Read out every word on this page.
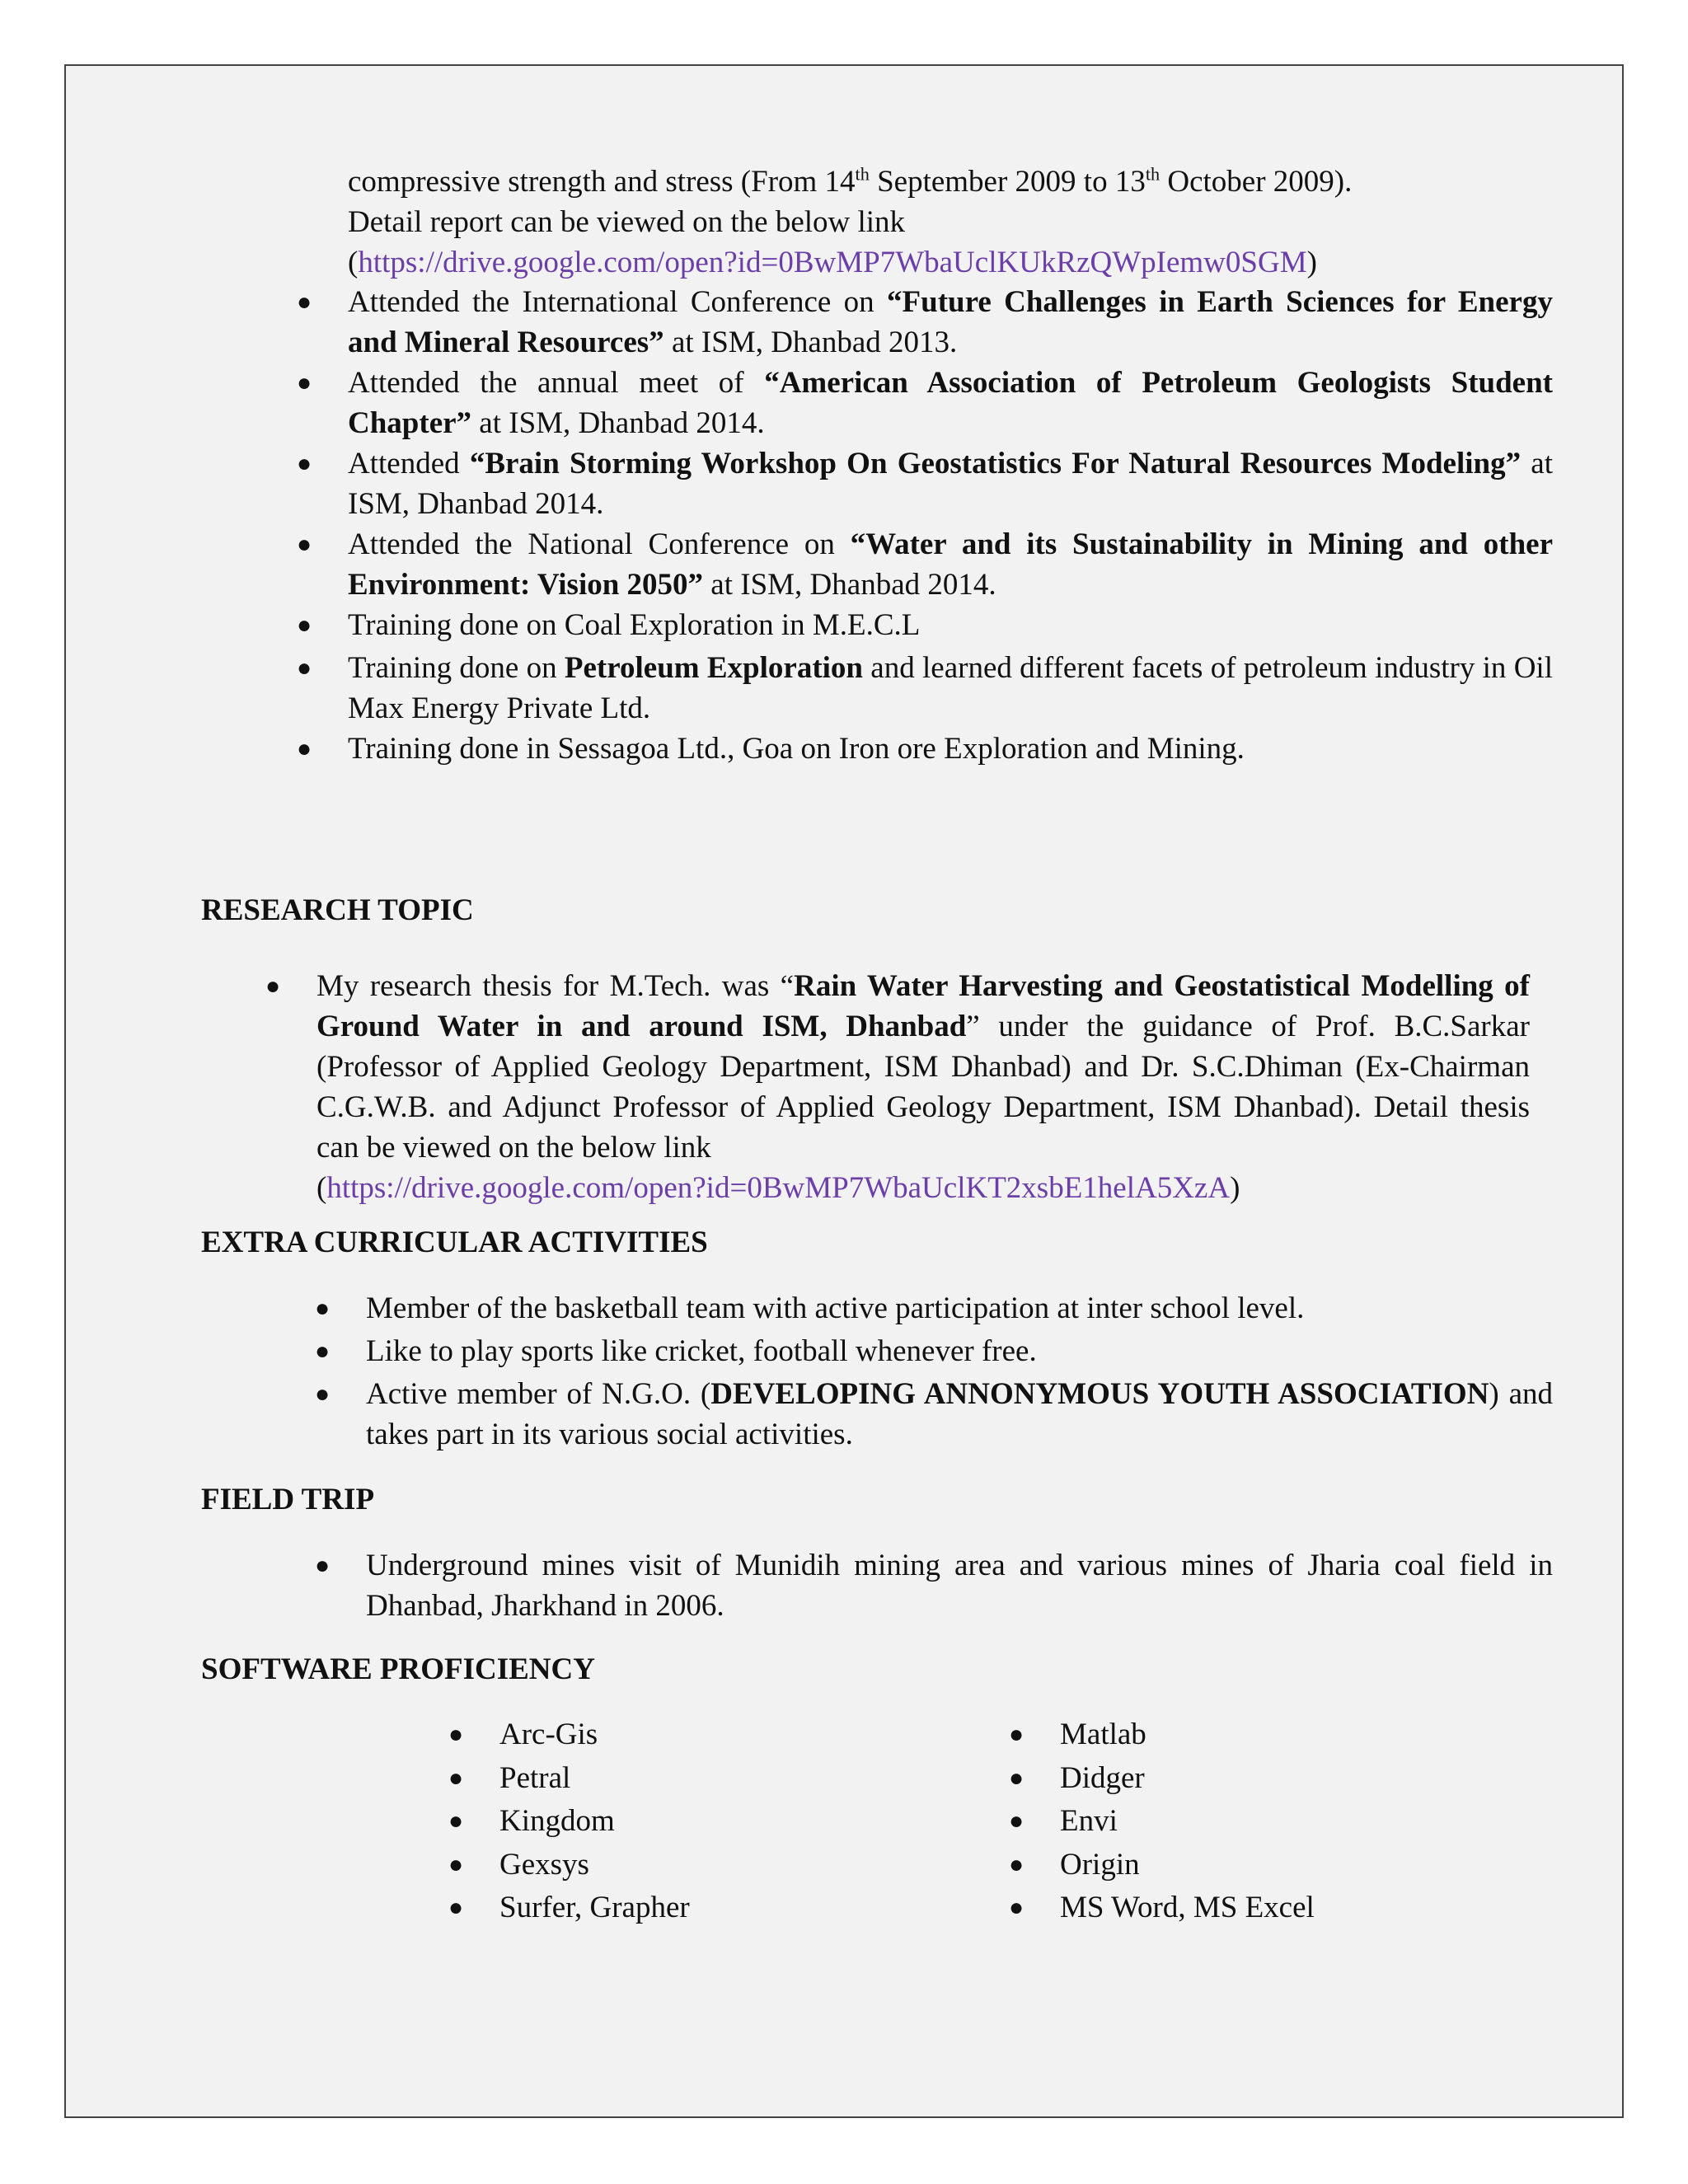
compressive strength and stress (From 14th September 2009 to 13th October 2009).
Detail report can be viewed on the below link
(https://drive.google.com/open?id=0BwMP7WbaUclKUkRzQWpIemw0SGM)
● Attended the International Conference on “Future Challenges in Earth Sciences for Energy and Mineral Resources” at ISM, Dhanbad 2013.
● Attended the annual meet of “American Association of Petroleum Geologists Student Chapter” at ISM, Dhanbad 2014.
● Attended “Brain Storming Workshop On Geostatistics For Natural Resources Modeling” at ISM, Dhanbad 2014.
● Attended the National Conference on “Water and its Sustainability in Mining and other Environment: Vision 2050” at ISM, Dhanbad 2014.
● Training done on Coal Exploration in M.E.C.L
● Training done on Petroleum Exploration and learned different facets of petroleum industry in Oil Max Energy Private Ltd.
● Training done in Sessagoa Ltd., Goa on Iron ore Exploration and Mining.
RESEARCH TOPIC
● My research thesis for M.Tech. was “Rain Water Harvesting and Geostatistical Modelling of Ground Water in and around ISM, Dhanbad” under the guidance of Prof. B.C.Sarkar (Professor of Applied Geology Department, ISM Dhanbad) and Dr. S.C.Dhiman (Ex-Chairman C.G.W.B. and Adjunct Professor of Applied Geology Department, ISM Dhanbad). Detail thesis can be viewed on the below link
(https://drive.google.com/open?id=0BwMP7WbaUclKT2xsbE1helA5XzA)
EXTRA CURRICULAR ACTIVITIES
● Member of the basketball team with active participation at inter school level.
● Like to play sports like cricket, football whenever free.
● Active member of N.G.O. (DEVELOPING ANNONYMOUS YOUTH ASSOCIATION) and takes part in its various social activities.
FIELD TRIP
● Underground mines visit of Munidih mining area and various mines of Jharia coal field in Dhanbad, Jharkhand in 2006.
SOFTWARE PROFICIENCY
● Arc-Gis
● Petral
● Kingdom
● Gexsys
● Surfer, Grapher
● Matlab
● Didger
● Envi
● Origin
● MS Word, MS Excel
